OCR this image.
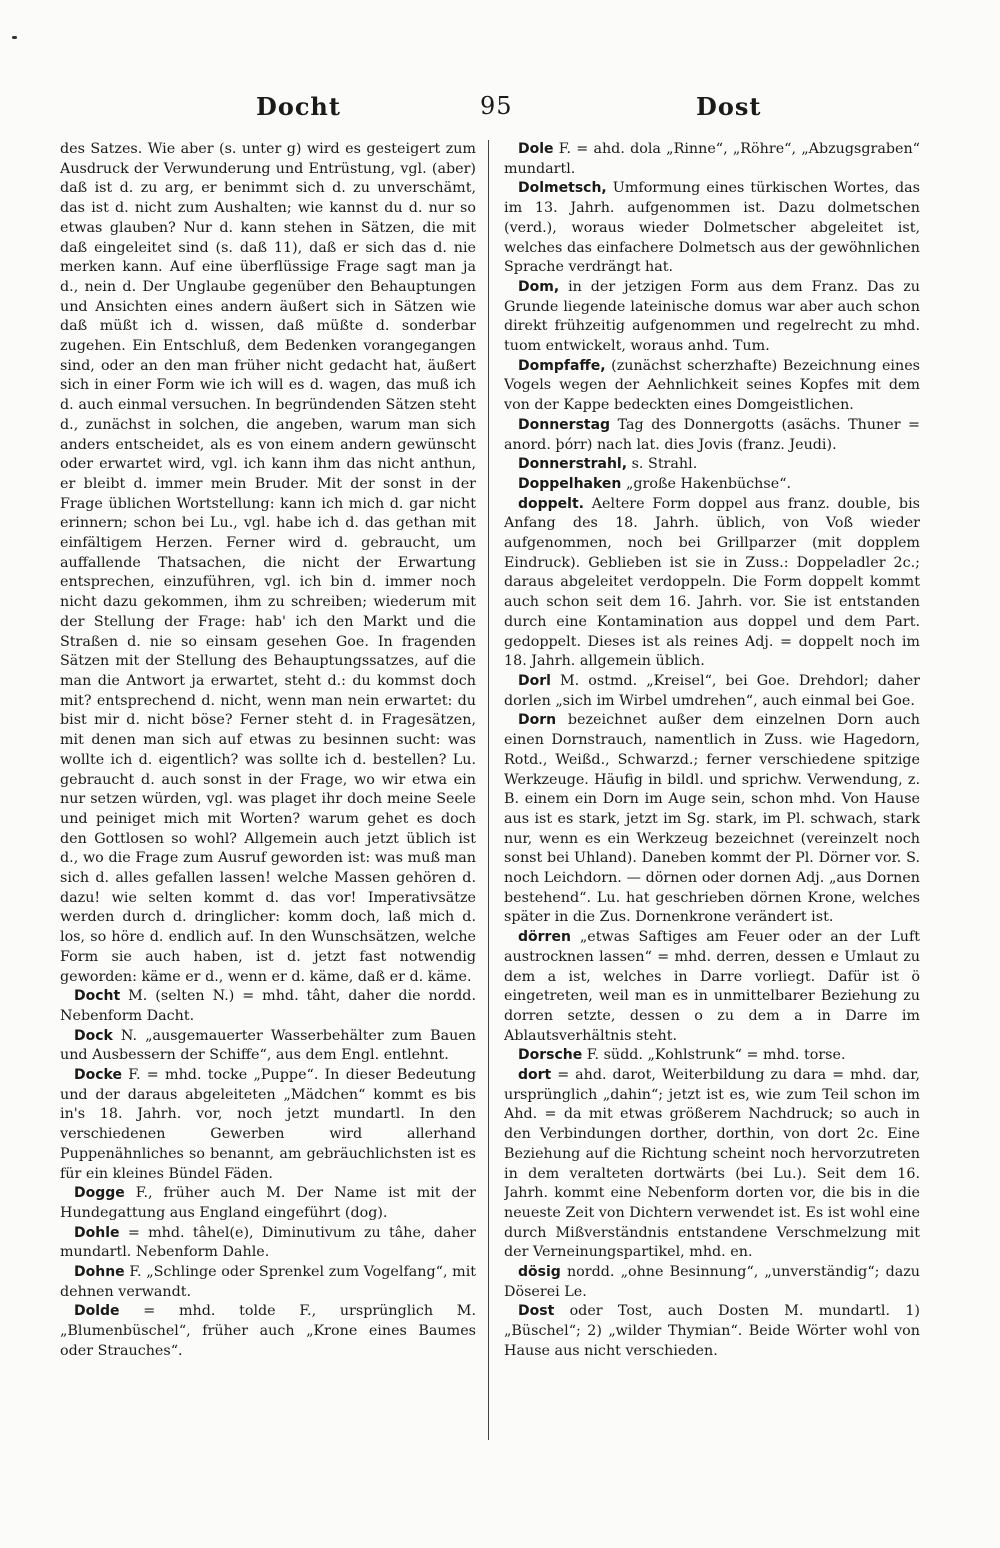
Docht	95	Dost

des Satzes. Wie aber (s. unter g) wird es gesteigert zum Ausdruck der Verwunderung und Entrüstung, vgl. (aber) daß ist d. zu arg, er benimmt sich d. zu unverschämt, das ist d. nicht zum Aushalten; wie kannst du d. nur so etwas glauben? Nur d. kann stehen in Sätzen, die mit daß eingeleitet sind (s. daß 11), daß er sich das d. nie merken kann. Auf eine überflüssige Frage sagt man ja d., nein d. Der Unglaube gegenüber den Behauptungen und Ansichten eines andern äußert sich in Sätzen wie daß müßt ich d. wissen, daß müßte d. sonderbar zugehen. Ein Entschluß, dem Bedenken vorangegangen sind, oder an den man früher nicht gedacht hat, äußert sich in einer Form wie ich will es d. wagen, das muß ich d. auch einmal versuchen. In begründenden Sätzen steht d., zunächst in solchen, die angeben, warum man sich anders entscheidet, als es von einem andern gewünscht oder erwartet wird, vgl. ich kann ihm das nicht anthun, er bleibt d. immer mein Bruder. Mit der sonst in der Frage üblichen Wortstellung: kann ich mich d. gar nicht erinnern; schon bei Lu., vgl. habe ich d. das gethan mit einfältigem Herzen. Ferner wird d. gebraucht, um auffallende Thatsachen, die nicht der Erwartung entsprechen, einzuführen, vgl. ich bin d. immer noch nicht dazu gekommen, ihm zu schreiben; wiederum mit der Stellung der Frage: hab' ich den Markt und die Straßen d. nie so einsam gesehen Goe. In fragenden Sätzen mit der Stellung des Behauptungssatzes, auf die man die Antwort ja erwartet, steht d.: du kommst doch mit? entsprechend d. nicht, wenn man nein erwartet: du bist mir d. nicht böse? Ferner steht d. in Fragesätzen, mit denen man sich auf etwas zu besinnen sucht: was wollte ich d. eigentlich? was sollte ich d. bestellen? Lu. gebraucht d. auch sonst in der Frage, wo wir etwa ein nur setzen würden, vgl. was plaget ihr doch meine Seele und peiniget mich mit Worten? warum gehet es doch den Gottlosen so wohl? Allgemein auch jetzt üblich ist d., wo die Frage zum Ausruf geworden ist: was muß man sich d. alles gefallen lassen! welche Massen gehören d. dazu! wie selten kommt d. das vor! Imperativsätze werden durch d. dringlicher: komm doch, laß mich d. los, so höre d. endlich auf. In den Wunschsätzen, welche Form sie auch haben, ist d. jetzt fast notwendig geworden: käme er d., wenn er d. käme, daß er d. käme.

Docht M. (selten N.) = mhd. tâht, daher die nordd. Nebenform Dacht.

Dock N. „ausgemauerter Wasserbehälter zum Bauen und Ausbessern der Schiffe“, aus dem Engl. entlehnt.

Docke F. = mhd. tocke „Puppe“. In dieser Bedeutung und der daraus abgeleiteten „Mädchen“ kommt es bis in's 18. Jahrh. vor, noch jetzt mundartl. In den verschiedenen Gewerben wird allerhand Puppenähnliches so benannt, am gebräuchlichsten ist es für ein kleines Bündel Fäden.

Dogge F., früher auch M. Der Name ist mit der Hundegattung aus England eingeführt (dog).

Dohle = mhd. tâhel(e), Diminutivum zu tâhe, daher mundartl. Nebenform Dahle.

Dohne F. „Schlinge oder Sprenkel zum Vogelfang“, mit dehnen verwandt.

Dolde = mhd. tolde F., ursprünglich M. „Blumenbüschel“, früher auch „Krone eines Baumes oder Strauches“.

Dole F. = ahd. dola „Rinne“, „Röhre“, „Abzugsgraben“ mundartl.

Dolmetsch, Umformung eines türkischen Wortes, das im 13. Jahrh. aufgenommen ist. Dazu dolmetschen (verd.), woraus wieder Dolmetscher abgeleitet ist, welches das einfachere Dolmetsch aus der gewöhnlichen Sprache verdrängt hat.

Dom, in der jetzigen Form aus dem Franz. Das zu Grunde liegende lateinische domus war aber auch schon direkt frühzeitig aufgenommen und regelrecht zu mhd. tuom entwickelt, woraus anhd. Tum.

Dompfaffe, (zunächst scherzhafte) Bezeichnung eines Vogels wegen der Aehnlichkeit seines Kopfes mit dem von der Kappe bedeckten eines Domgeistlichen.

Donnerstag Tag des Donnergotts (asächs. Thuner = anord. þórr) nach lat. dies Jovis (franz. Jeudi).

Donnerstrahl, s. Strahl.

Doppelhaken „große Hakenbüchse“.

doppelt. Aeltere Form doppel aus franz. double, bis Anfang des 18. Jahrh. üblich, von Voß wieder aufgenommen, noch bei Grillparzer (mit dopplem Eindruck). Geblieben ist sie in Zuss.: Doppeladler 2c.; daraus abgeleitet verdoppeln. Die Form doppelt kommt auch schon seit dem 16. Jahrh. vor. Sie ist entstanden durch eine Kontamination aus doppel und dem Part. gedoppelt. Dieses ist als reines Adj. = doppelt noch im 18. Jahrh. allgemein üblich.

Dorl M. ostmd. „Kreisel“, bei Goe. Drehdorl; daher dorlen „sich im Wirbel umdrehen“, auch einmal bei Goe.

Dorn bezeichnet außer dem einzelnen Dorn auch einen Dornstrauch, namentlich in Zuss. wie Hagedorn, Rotd., Weißd., Schwarzd.; ferner verschiedene spitzige Werkzeuge. Häufig in bildl. und sprichw. Verwendung, z. B. einem ein Dorn im Auge sein, schon mhd. Von Hause aus ist es stark, jetzt im Sg. stark, im Pl. schwach, stark nur, wenn es ein Werkzeug bezeichnet (vereinzelt noch sonst bei Uhland). Daneben kommt der Pl. Dörner vor. S. noch Leichdorn. — dörnen oder dornen Adj. „aus Dornen bestehend“. Lu. hat geschrieben dörnen Krone, welches später in die Zus. Dornenkrone verändert ist.

dörren „etwas Saftiges am Feuer oder an der Luft austrocknen lassen“ = mhd. derren, dessen e Umlaut zu dem a ist, welches in Darre vorliegt. Dafür ist ö eingetreten, weil man es in unmittelbarer Beziehung zu dorren setzte, dessen o zu dem a in Darre im Ablautsverhältnis steht.

Dorsche F. südd. „Kohlstrunk“ = mhd. torse.

dort = ahd. darot, Weiterbildung zu dara = mhd. dar, ursprünglich „dahin“; jetzt ist es, wie zum Teil schon im Ahd. = da mit etwas größerem Nachdruck; so auch in den Verbindungen dorther, dorthin, von dort 2c. Eine Beziehung auf die Richtung scheint noch hervorzutreten in dem veralteten dortwärts (bei Lu.). Seit dem 16. Jahrh. kommt eine Nebenform dorten vor, die bis in die neueste Zeit von Dichtern verwendet ist. Es ist wohl eine durch Mißverständnis entstandene Verschmelzung mit der Verneinungspartikel, mhd. en.

dösig nordd. „ohne Besinnung“, „unverständig“; dazu Döserei Le.

Dost oder Tost, auch Dosten M. mundartl. 1) „Büschel“; 2) „wilder Thymian“. Beide Wörter wohl von Hause aus nicht verschieden.
